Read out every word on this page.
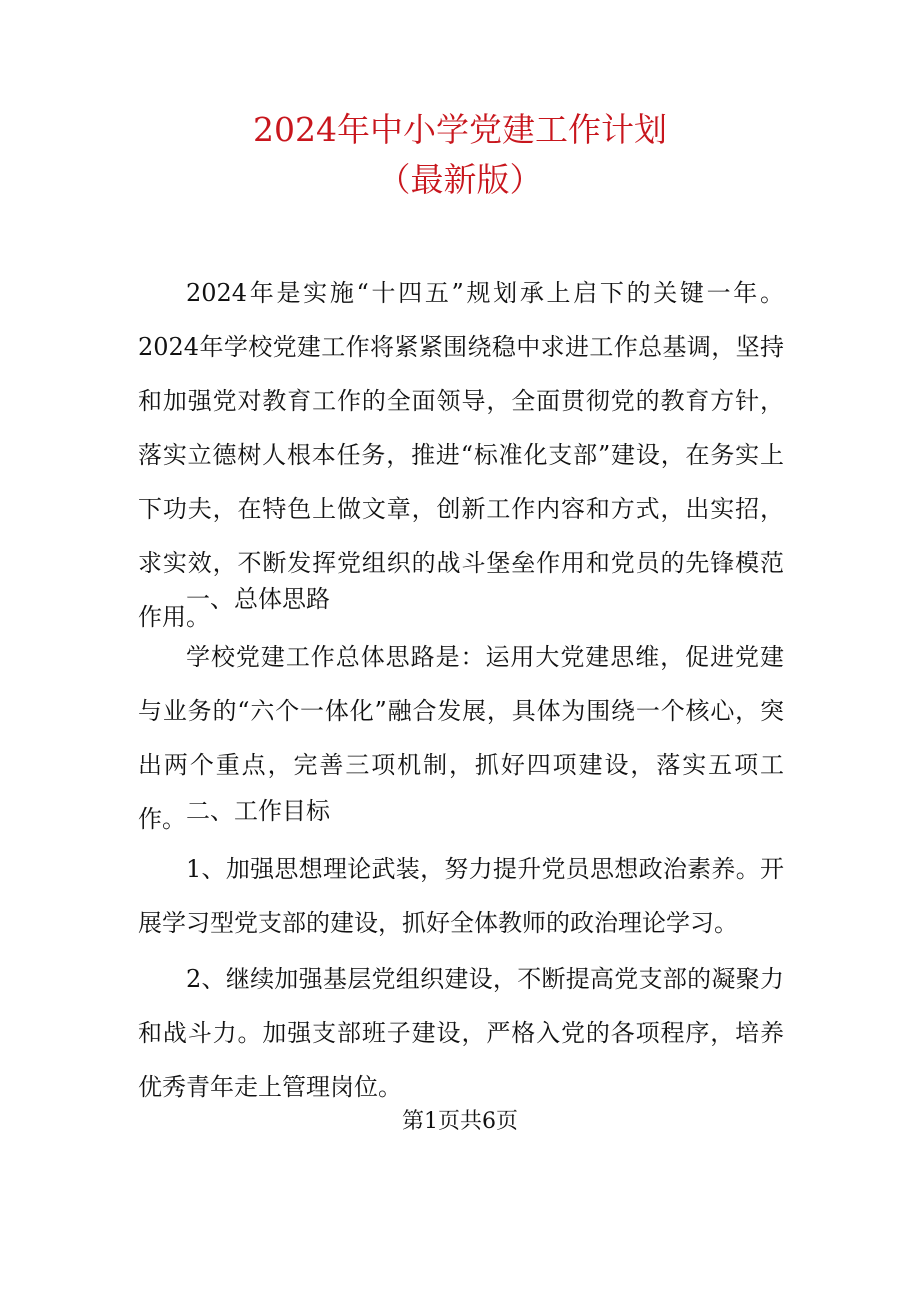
2024年中小学党建工作计划
（最新版）

2024年是实施“十四五”规划承上启下的关键一年。2024年学校党建工作将紧紧围绕稳中求进工作总基调，坚持和加强党对教育工作的全面领导，全面贯彻党的教育方针，落实立德树人根本任务，推进“标准化支部”建设，在务实上下功夫，在特色上做文章，创新工作内容和方式，出实招，求实效，不断发挥党组织的战斗堡垒作用和党员的先锋模范作用。

一、总体思路

学校党建工作总体思路是：运用大党建思维，促进党建与业务的“六个一体化”融合发展，具体为围绕一个核心，突出两个重点，完善三项机制，抓好四项建设，落实五项工作。 二、工作目标

1、加强思想理论武装，努力提升党员思想政治素养。开展学习型党支部的建设，抓好全体教师的政治理论学习。

2、继续加强基层党组织建设，不断提高党支部的凝聚力和战斗力。加强支部班子建设，严格入党的各项程序，培养优秀青年走上管理岗位。

第1页共6页
